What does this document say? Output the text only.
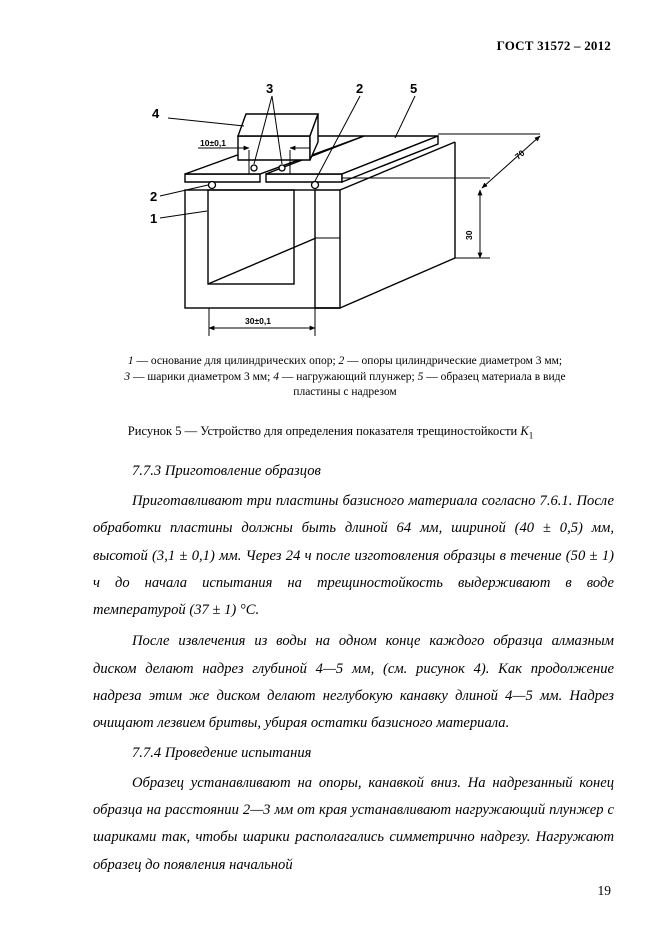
ГОСТ 31572 – 2012
3	2	5
4
2
1
10±0,1
30±0,1
30
70
1 — основание для цилиндрических опор; 2 — опоры цилиндрические диаметром 3 мм;
3 — шарики диаметром 3 мм; 4 — нагружающий плунжер; 5 — образец материала в виде пластины с надрезом
Рисунок 5 — Устройство для определения показателя трещиностойкости $K_1$

7.7.3 Приготовление образцов

Приготавливают три пластины базисного материала согласно 7.6.1. После обработки пластины должны быть длиной 64 мм, шириной (40 ± 0,5) мм, высотой (3,1 ± 0,1) мм. Через 24 ч после изготовления образцы в течение (50 ± 1) ч до начала испытания на трещиностойкость выдерживают в воде температурой (37 ± 1) °С.

После извлечения из воды на одном конце каждого образца алмазным диском делают надрез глубиной 4—5 мм, (см. рисунок 4). Как продолжение надреза этим же диском делают неглубокую канавку длиной 4—5 мм. Надрез очищают лезвием бритвы, убирая остатки базисного материала.

7.7.4 Проведение испытания

Образец устанавливают на опоры, канавкой вниз. На надрезанный конец образца на расстоянии 2—3 мм от края устанавливают нагружающий плунжер с шариками так, чтобы шарики располагались симметрично надрезу. Нагружают образец до появления начальной

19
